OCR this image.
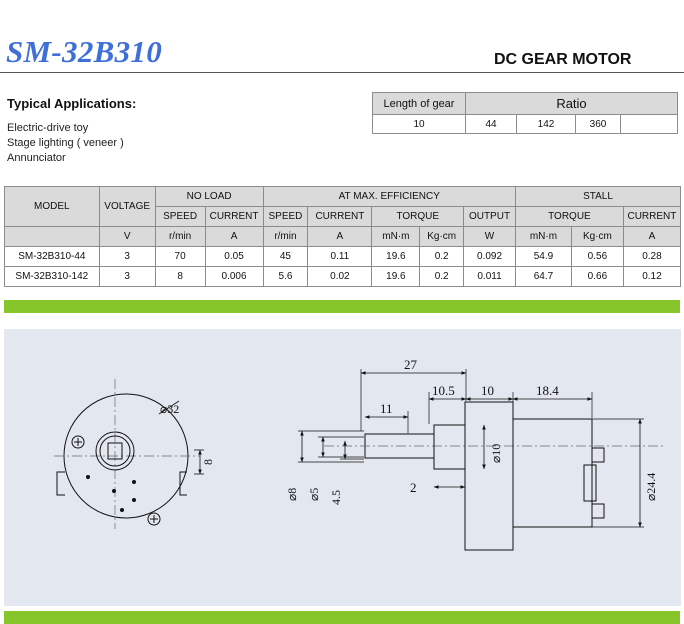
SM-32B310	DC GEAR MOTOR
Typical Applications:
Electric-drive toy
Stage lighting ( veneer )
Annunciator
Length of gear	Ratio			
10	44	142	360	
MODEL	VOLTAGE	NO LOAD		AT MAX. EFFICIENCY					STALL		
		SPEED	CURRENT	SPEED	CURRENT	TORQUE		OUTPUT	TORQUE		CURRENT
	V	r/min	A	r/min	A	mN·m	Kg·cm	W	mN·m	Kg·cm	A
SM-32B310-44	3	70	0.05	45	0.11	19.6	0.2	0.092	54.9	0.56	0.28
SM-32B310-142	3	8	0.006	5.6	0.02	19.6	0.2	0.011	64.7	0.66	0.12
⌀32
8
27
10.5 10	18.4
11
2
⌀8 ⌀5 4.5
⌀10
⌀24.4
